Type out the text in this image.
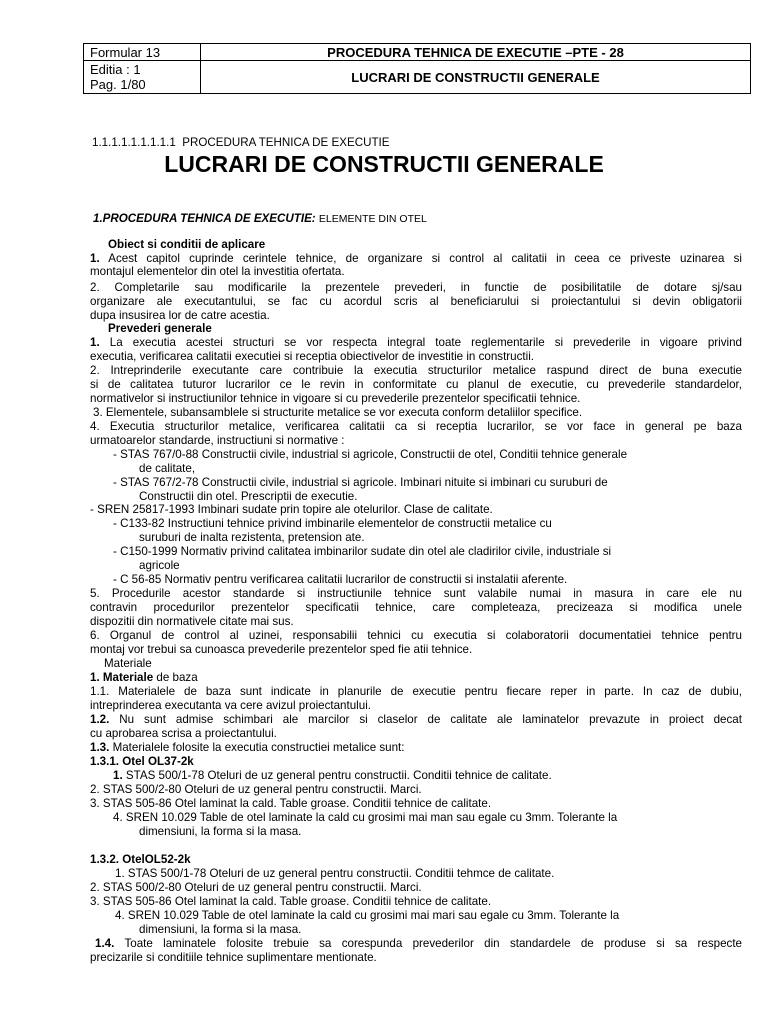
Formular 13	PROCEDURA TEHNICA DE EXECUTIE –PTE - 28

Editia : 1
Pag. 1/80	LUCRARI DE CONSTRUCTII GENERALE
1.1.1.1.1.1.1.1.1 PROCEDURA TEHNICA DE EXECUTIE
LUCRARI DE CONSTRUCTII GENERALE
1.PROCEDURA TEHNICA DE EXECUTIE: ELEMENTE DIN OTEL
Obiect si conditii de aplicare
1. Acest capitol cuprinde cerintele tehnice, de organizare si control al calitatii in ceea ce priveste uzinarea si
montajul elementelor din otel la investitia ofertata.
2. Completarile sau modificarile la prezentele prevederi, in functie de posibilitatile de dotare sj/sau
organizare ale executantului, se fac cu acordul scris al beneficiarului si proiectantului si devin obligatorii
dupa insusirea lor de catre acestia.
Prevederi generale
1. La executia acestei structuri se vor respecta integral toate reglementarile si prevederile in vigoare privind
executia, verificarea calitatii executiei si receptia obiectivelor de investitie in constructii.
2. Intreprinderile executante care contribuie la executia structurilor metalice raspund direct de buna executie
si de calitatea tuturor lucrarilor ce le revin in conformitate cu planul de executie, cu prevederile standardelor,
normativelor si instructiunilor tehnice in vigoare si cu prevederile prezentelor specificatii tehnice.
3. Elementele, subansamblele si structurite metalice se vor executa conform detaliilor specifice.
4. Executia structurilor metalice, verificarea calitatii ca si receptia lucrarilor, se vor face in general pe baza
urmatoarelor standarde, instructiuni si normative :
- STAS 767/0-88 Constructii civile, industrial si agricole, Constructii de otel, Conditii tehnice generale
de calitate,
- STAS 767/2-78 Constructii civile, industrial si agricole. Imbinari nituite si imbinari cu suruburi de
Constructii din otel. Prescriptii de executie.
- SREN 25817-1993 Imbinari sudate prin topire ale otelurilor. Clase de calitate.
- C133-82 Instructiuni tehnice privind imbinarile elementelor de constructii metalice cu
suruburi de inalta rezistenta, pretension ate.
- C150-1999 Normativ privind calitatea imbinarilor sudate din otel ale cladirilor civile, industriale si
agricole
- C 56-85 Normativ pentru verificarea calitatii lucrarilor de constructii si instalatii aferente.
5. Procedurile acestor standarde si instructiunile tehnice sunt valabile numai in masura in care ele nu
contravin procedurilor prezentelor specificatii tehnice, care completeaza, precizeaza si modifica unele
dispozitii din normativele citate mai sus.
6. Organul de control al uzinei, responsabilii tehnici cu executia si colaboratorii documentatiei tehnice pentru
montaj vor trebui sa cunoasca prevederile prezentelor sped fie atii tehnice.
Materiale
1. Materiale de baza
1.1. Materialele de baza sunt indicate in planurile de executie pentru fiecare reper in parte. In caz de dubiu,
intreprinderea executanta va cere avizul proiectantului.
1.2. Nu sunt admise schimbari ale marcilor si claselor de calitate ale laminatelor prevazute in proiect decat
cu aprobarea scrisa a proiectantului.
1.3. Materialele folosite la executia constructiei metalice sunt:
1.3.1. Otel OL37-2k
1. STAS 500/1-78 Oteluri de uz general pentru constructii. Conditii tehnice de calitate.
2. STAS 500/2-80 Oteluri de uz general pentru constructii. Marci.
3. STAS 505-86 Otel laminat la cald. Table groase. Conditii tehnice de calitate.
4. SREN 10.029 Table de otel laminate la cald cu grosimi mai man sau egale cu 3mm. Tolerante la
dimensiuni, la forma si la masa.
1.3.2. OtelOL52-2k
1. STAS 500/1-78 Oteluri de uz general pentru constructii. Conditii tehmce de calitate.
2. STAS 500/2-80 Oteluri de uz general pentru constructii. Marci.
3. STAS 505-86 Otel laminat la cald. Table groase. Conditii tehnice de calitate.
4. SREN 10.029 Table de otel laminate la cald cu grosimi mai mari sau egale cu 3mm. Tolerante la
dimensiuni, la forma si la masa.
1.4. Toate laminatele folosite trebuie sa corespunda prevederilor din standardele de produse si sa respecte
precizarile si conditiile tehnice suplimentare mentionate.
